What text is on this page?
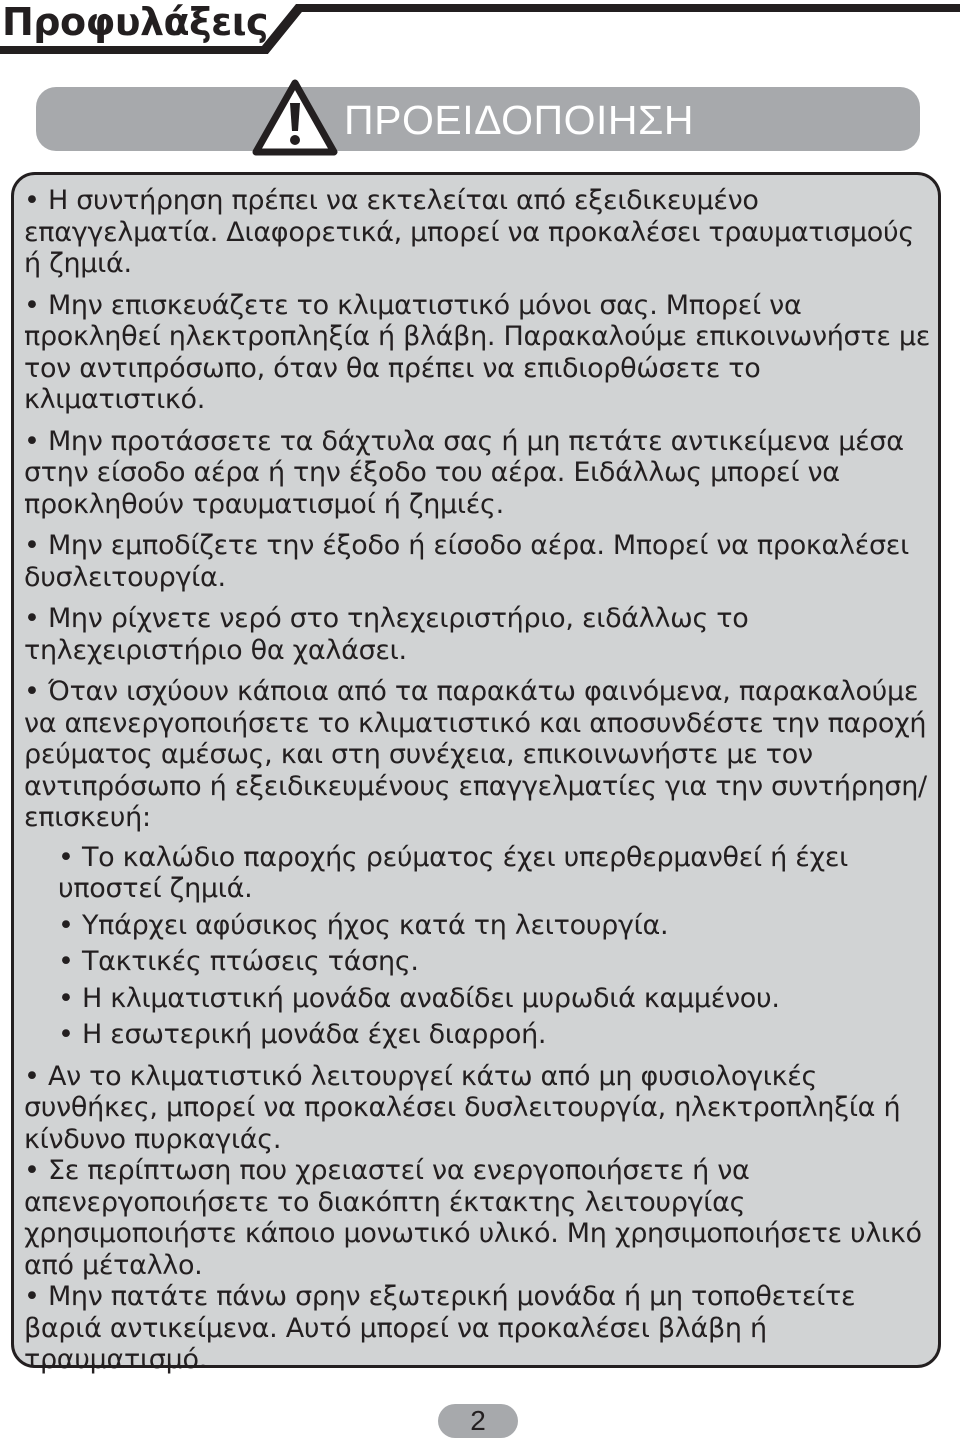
Προφυλάξεις
ΠΡΟΕΙΔΟΠΟΙΗΣΗ

• Η συντήρηση πρέπει να εκτελείται από εξειδικευμένο επαγγελματία. Διαφορετικά, μπορεί να προκαλέσει τραυματισμούς ή ζημιά.

• Μην επισκευάζετε το κλιματιστικό μόνοι σας. Μπορεί να προκληθεί ηλεκτροπληξία ή βλάβη. Παρακαλούμε επικοινωνήστε με τον αντιπρόσωπο, όταν θα πρέπει να επιδιορθώσετε το κλιματιστικό.

• Μην προτάσσετε τα δάχτυλα σας ή μη πετάτε αντικείμενα μέσα στην είσοδο αέρα ή την έξοδο του αέρα. Ειδάλλως μπορεί να προκληθούν τραυματισμοί ή ζημιές.

• Μην εμποδίζετε την έξοδο ή είσοδο αέρα. Μπορεί να προκαλέσει δυσλειτουργία.

• Μην ρίχνετε νερό στο τηλεχειριστήριο, ειδάλλως το τηλεχειριστήριο θα χαλάσει.

• Όταν ισχύουν κάποια από τα παρακάτω φαινόμενα, παρακαλούμε να απενεργοποιήσετε το κλιματιστικό και αποσυνδέστε την παροχή ρεύματος αμέσως, και στη συνέχεια, επικοινωνήστε με τον αντιπρόσωπο ή εξειδικευμένους επαγγελματίες για την συντήρηση/επισκευή:
• Το καλώδιο παροχής ρεύματος έχει υπερθερμανθεί ή έχει υποστεί ζημιά.
• Υπάρχει αφύσικος ήχος κατά τη λειτουργία.
• Τακτικές πτώσεις τάσης.
• Η κλιματιστική μονάδα αναδίδει μυρωδιά καμμένου.
• Η εσωτερική μονάδα έχει διαρροή.

• Αν το κλιματιστικό λειτουργεί κάτω από μη φυσιολογικές συνθήκες, μπορεί να προκαλέσει δυσλειτουργία, ηλεκτροπληξία ή κίνδυνο πυρκαγιάς.

• Σε περίπτωση που χρειαστεί να ενεργοποιήσετε ή να απενεργοποιήσετε το διακόπτη έκτακτης λειτουργίας χρησιμοποιήστε κάποιο μονωτικό υλικό. Μη χρησιμοποιήσετε υλικό από μέταλλο.

• Μην πατάτε πάνω σρην εξωτερική μονάδα ή μη τοποθετείτε βαριά αντικείμενα. Αυτό μπορεί να προκαλέσει βλάβη ή τραυματισμό.

2
